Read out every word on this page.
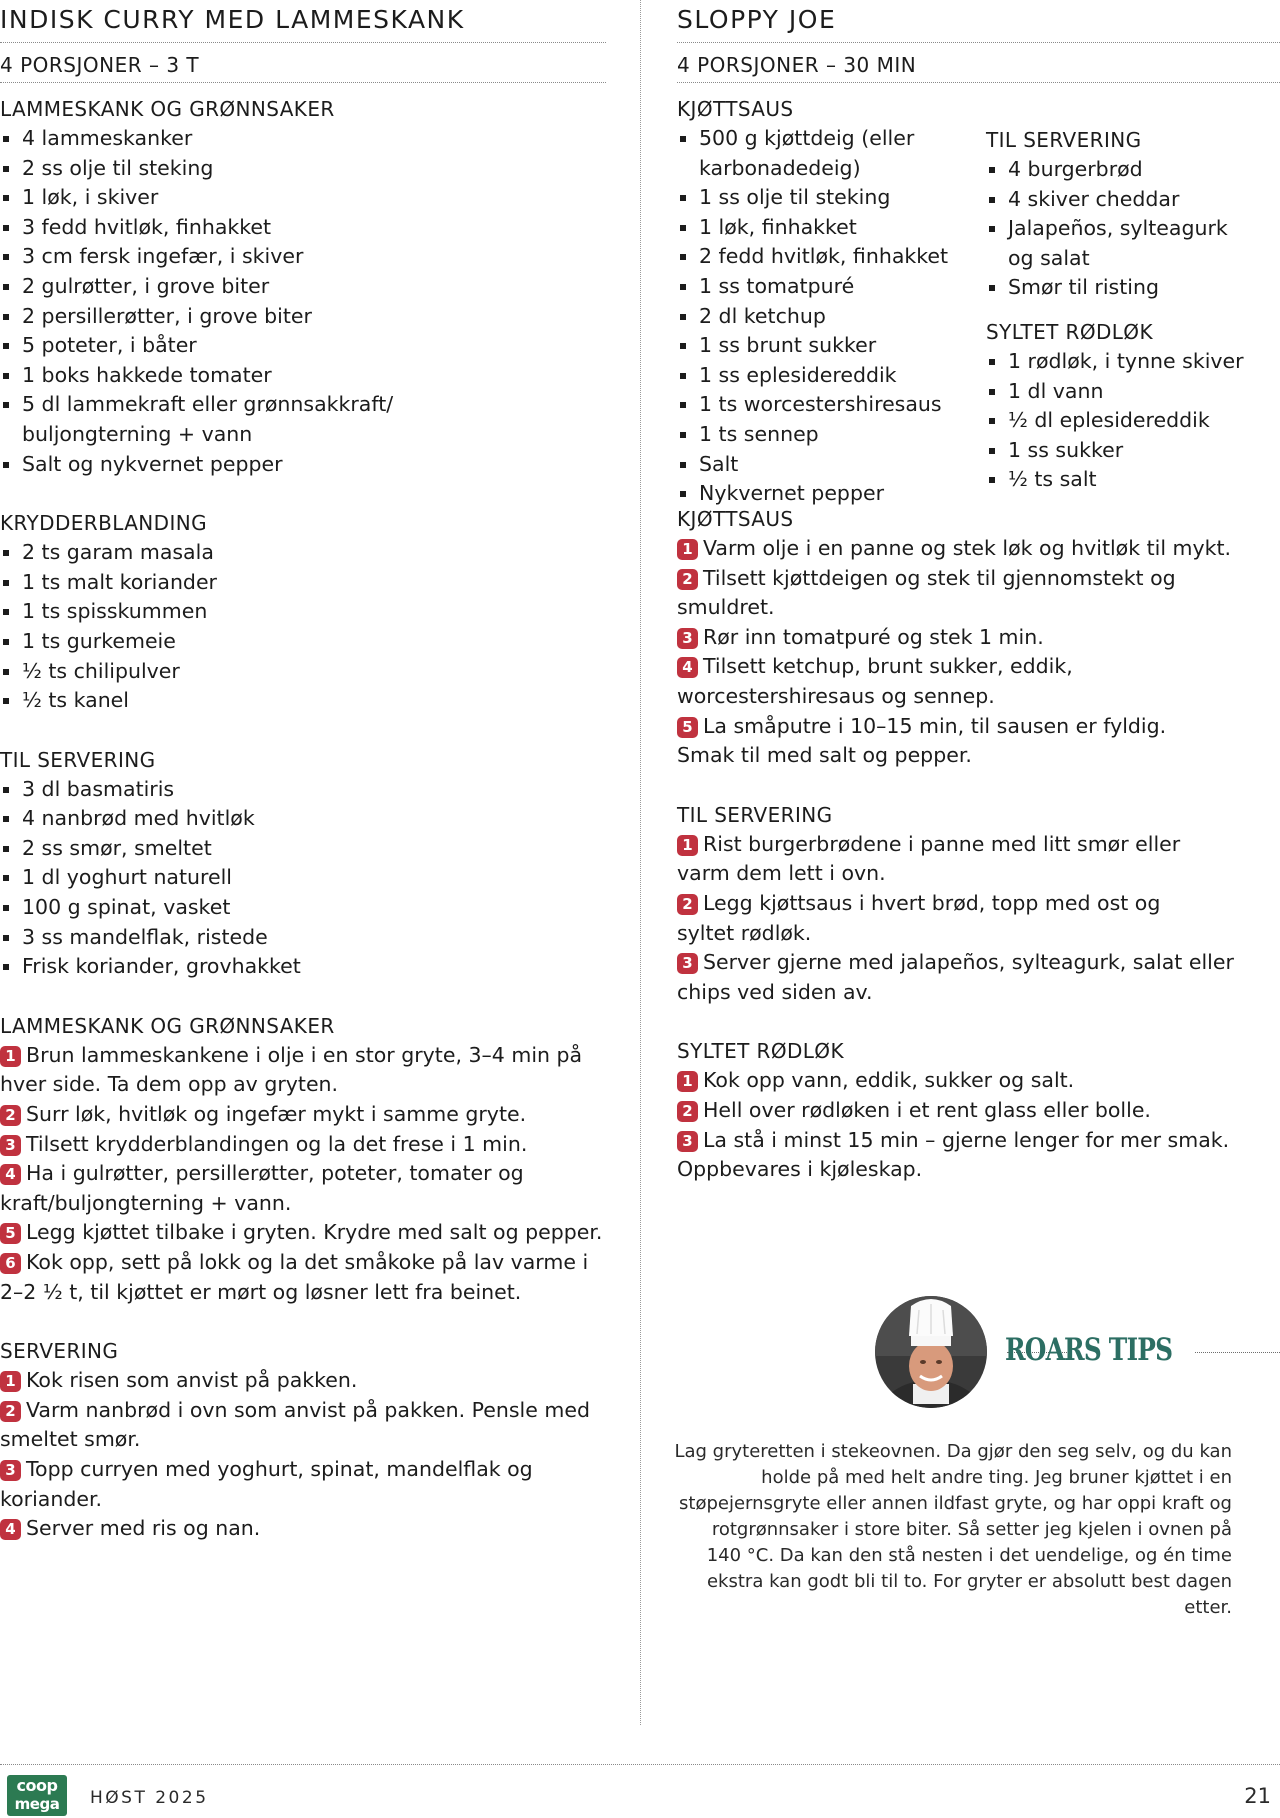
INDISK CURRY MED LAMMESKANK

4 PORSJONER – 3 T

LAMMESKANK OG GRØNNSAKER

4 lammeskanker
2 ss olje til steking
1 løk, i skiver
3 fedd hvitløk, finhakket
3 cm fersk ingefær, i skiver
2 gulrøtter, i grove biter
2 persillerøtter, i grove biter
5 poteter, i båter
1 boks hakkede tomater
5 dl lammekraft eller grønnsakkraft/ buljongterning + vann
Salt og nykvernet pepper

KRYDDERBLANDING

2 ts garam masala
1 ts malt koriander
1 ts spisskummen
1 ts gurkemeie
½ ts chilipulver
½ ts kanel

TIL SERVERING

3 dl basmatiris
4 nanbrød med hvitløk
2 ss smør, smeltet
1 dl yoghurt naturell
100 g spinat, vasket
3 ss mandelflak, ristede
Frisk koriander, grovhakket

LAMMESKANK OG GRØNNSAKER

1 Brun lammeskankene i olje i en stor gryte, 3–4 min på hver side. Ta dem opp av gryten.

2 Surr løk, hvitløk og ingefær mykt i samme gryte.

3 Tilsett krydderblandingen og la det frese i 1 min.

4 Ha i gulrøtter, persillerøtter, poteter, tomater og kraft/buljongterning + vann.

5 Legg kjøttet tilbake i gryten. Krydre med salt og pepper.

6 Kok opp, sett på lokk og la det småkoke på lav varme i 2–2 ½ t, til kjøttet er mørt og løsner lett fra beinet.

SERVERING

1 Kok risen som anvist på pakken.

2 Varm nanbrød i ovn som anvist på pakken. Pensle med smeltet smør.

3 Topp curryen med yoghurt, spinat, mandelflak og koriander.

4 Server med ris og nan.

SLOPPY JOE

4 PORSJONER – 30 MIN

KJØTTSAUS

500 g kjøttdeig (eller karbonadedeig)
1 ss olje til steking
1 løk, finhakket
2 fedd hvitløk, finhakket
1 ss tomatpuré
2 dl ketchup
1 ss brunt sukker
1 ss eplesidereddik
1 ts worcestershiresaus
1 ts sennep
Salt
Nykvernet pepper

TIL SERVERING

4 burgerbrød
4 skiver cheddar
Jalapeños, sylteagurk og salat
Smør til risting

SYLTET RØDLØK

1 rødløk, i tynne skiver
1 dl vann
½ dl eplesidereddik
1 ss sukker
½ ts salt

KJØTTSAUS

1 Varm olje i en panne og stek løk og hvitløk til mykt.

2 Tilsett kjøttdeigen og stek til gjennomstekt og smuldret.

3 Rør inn tomatpuré og stek 1 min.

4 Tilsett ketchup, brunt sukker, eddik, worcestershiresaus og sennep.

5 La småputre i 10–15 min, til sausen er fyldig. Smak til med salt og pepper.

TIL SERVERING

1 Rist burgerbrødene i panne med litt smør eller varm dem lett i ovn.

2 Legg kjøttsaus i hvert brød, topp med ost og syltet rødløk.

3 Server gjerne med jalapeños, sylteagurk, salat eller chips ved siden av.

SYLTET RØDLØK

1 Kok opp vann, eddik, sukker og salt.

2 Hell over rødløken i et rent glass eller bolle.

3 La stå i minst 15 min – gjerne lenger for mer smak. Oppbevares i kjøleskap.

ROARS TIPS

Lag gryteretten i stekeovnen. Da gjør den seg selv, og du kan holde på med helt andre ting. Jeg bruner kjøttet i en støpejernsgryte eller annen ildfast gryte, og har oppi kraft og rotgrønnsaker i store biter. Så setter jeg kjelen i ovnen på 140 °C. Da kan den stå nesten i det uendelige, og én time ekstra kan godt bli til to. For gryter er absolutt best dagen etter.

coop
mega	HØST 2025	21
